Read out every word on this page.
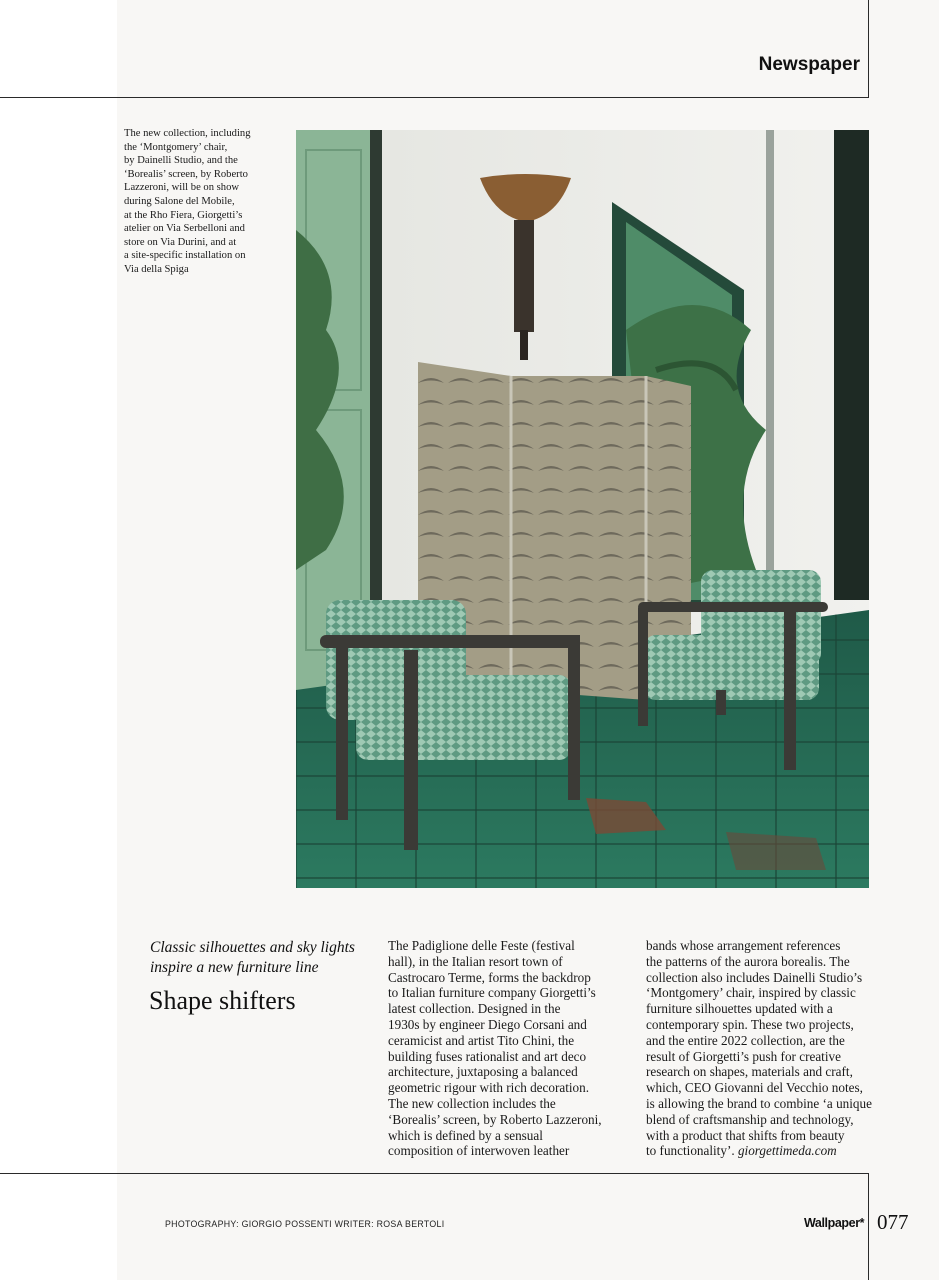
Newspaper
The new collection, including
the ‘Montgomery’ chair,
by Dainelli Studio, and the
‘Borealis’ screen, by Roberto
Lazzeroni, will be on show
during Salone del Mobile,
at the Rho Fiera, Giorgetti’s
atelier on Via Serbelloni and
store on Via Durini, and at
a site-specific installation on
Via della Spiga
Classic silhouettes and sky lights
inspire a new furniture line
Shape shifters
The Padiglione delle Feste (festival
hall), in the Italian resort town of
Castrocaro Terme, forms the backdrop
to Italian furniture company Giorgetti’s
latest collection. Designed in the
1930s by engineer Diego Corsani and
ceramicist and artist Tito Chini, the
building fuses rationalist and art deco
architecture, juxtaposing a balanced
geometric rigour with rich decoration.
The new collection includes the
‘Borealis’ screen, by Roberto Lazzeroni,
which is defined by a sensual
composition of interwoven leather
bands whose arrangement references
the patterns of the aurora borealis. The
collection also includes Dainelli Studio’s
‘Montgomery’ chair, inspired by classic
furniture silhouettes updated with a
contemporary spin. These two projects,
and the entire 2022 collection, are the
result of Giorgetti’s push for creative
research on shapes, materials and craft,
which, CEO Giovanni del Vecchio notes,
is allowing the brand to combine ‘a unique
blend of craftsmanship and technology,
with a product that shifts from beauty
to functionality’. giorgettimeda.com
PHOTOGRAPHY: GIORGIO POSSENTI WRITER: ROSA BERTOLI	Wallpaper* 077
